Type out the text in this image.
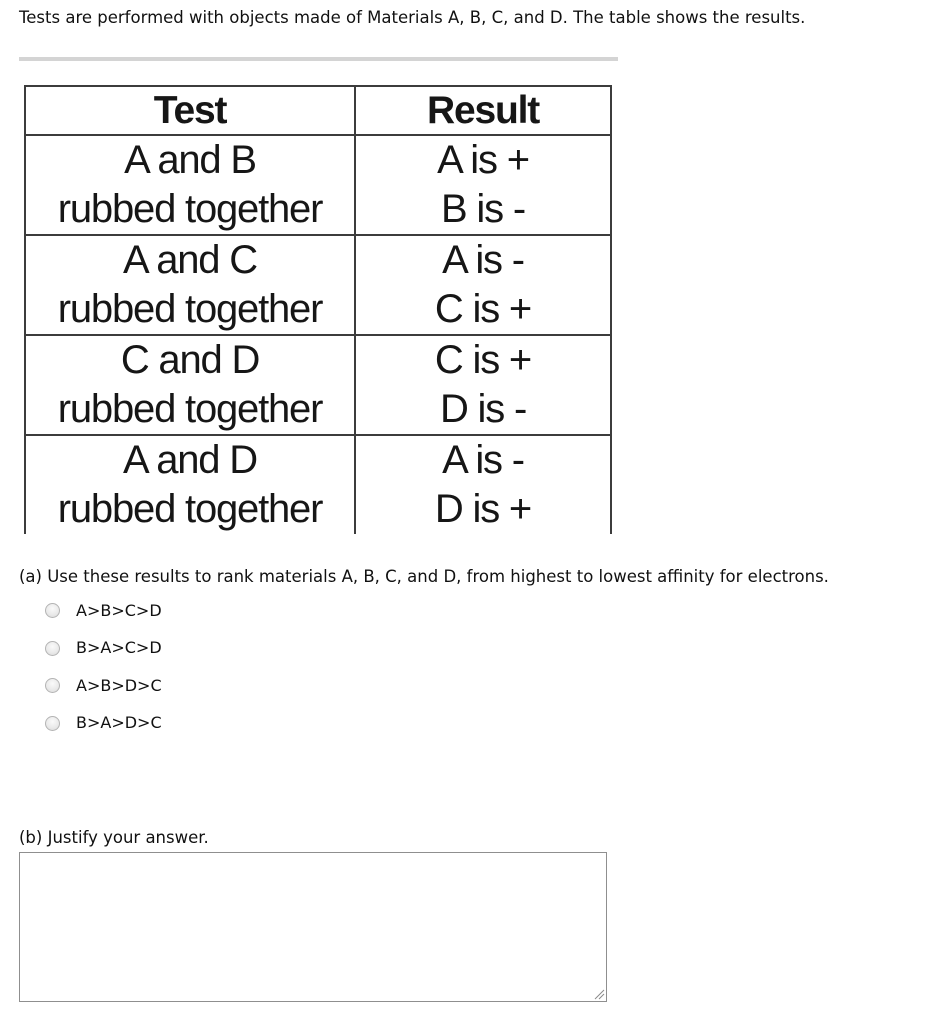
Tests are performed with objects made of Materials A, B, C, and D. The table shows the results.
Test	Result

A and B
rubbed together	A is +
B is -

A and C
rubbed together	A is -
C is +

C and D
rubbed together	C is +
D is -

A and D
rubbed together	A is -
D is +
(a) Use these results to rank materials A, B, C, and D, from highest to lowest affinity for electrons.
A>B>C>D
B>A>C>D
A>B>D>C
B>A>D>C
(b) Justify your answer.
